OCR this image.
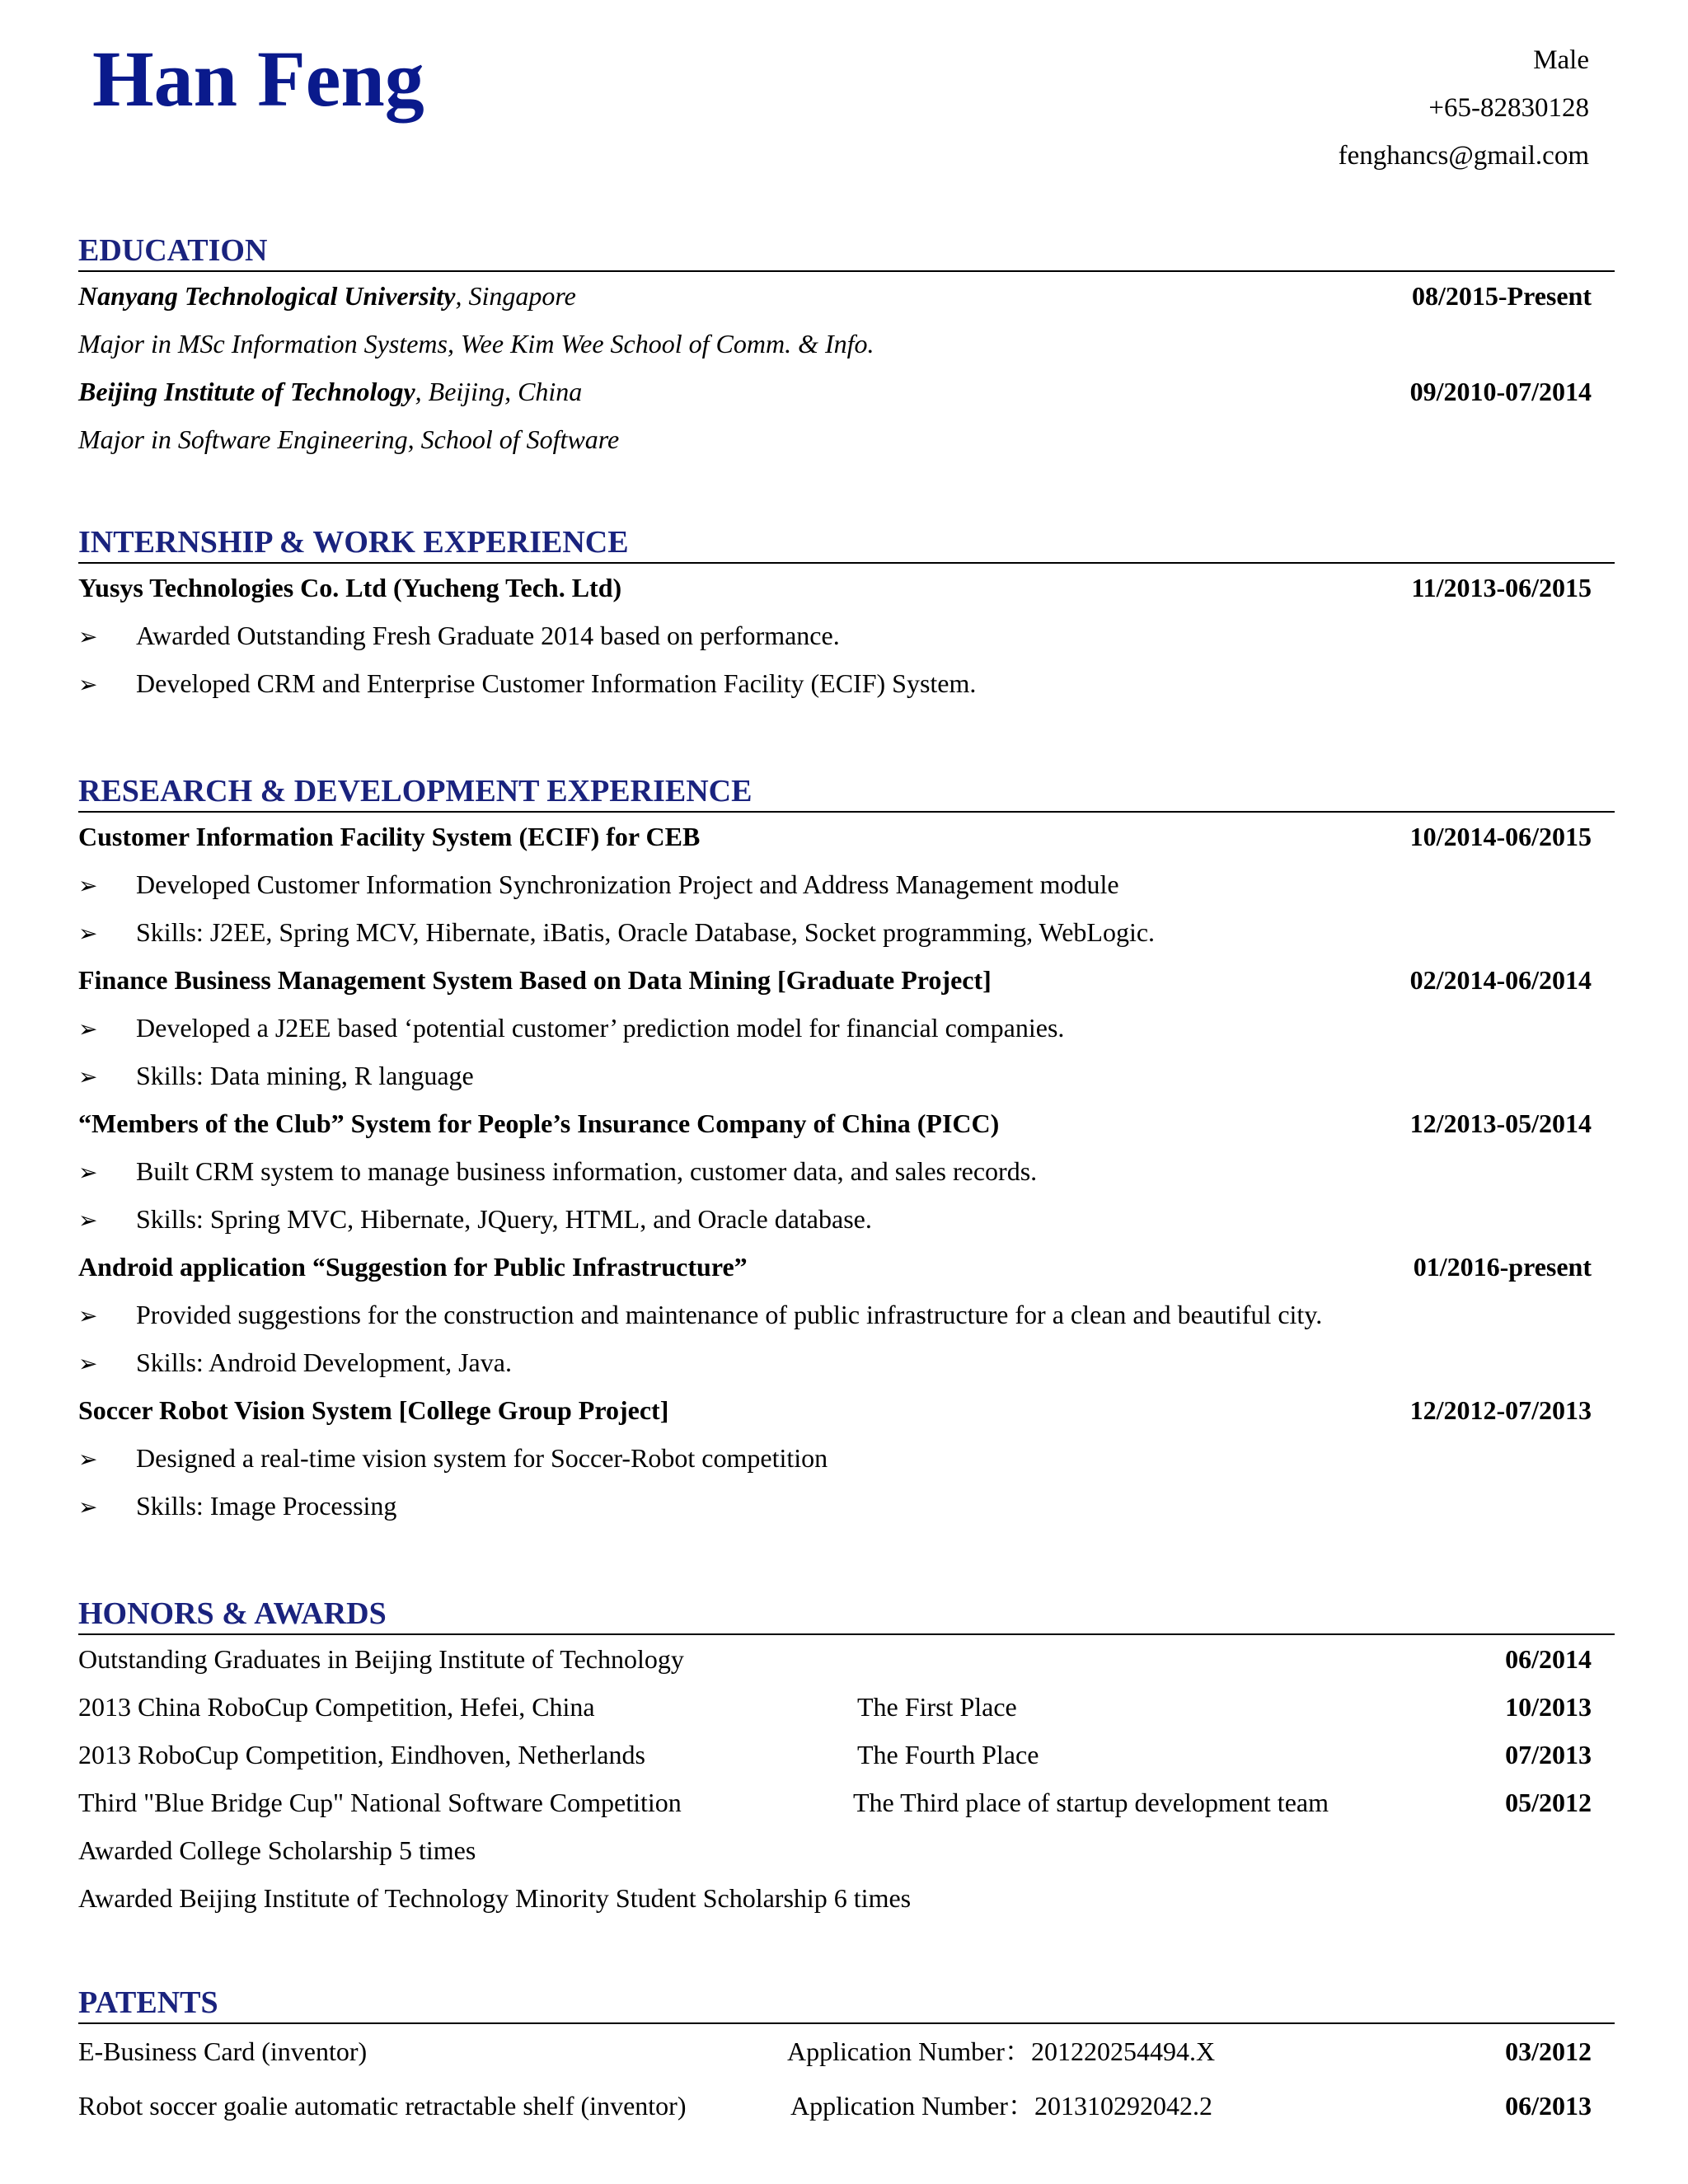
Han Feng	Male
+65-82830128
fenghancs@gmail.com
EDUCATION
Nanyang Technological University, Singapore	08/2015-Present
Major in MSc Information Systems, Wee Kim Wee School of Comm. & Info.
Beijing Institute of Technology, Beijing, China	09/2010-07/2014
Major in Software Engineering, School of Software
INTERNSHIP & WORK EXPERIENCE
Yusys Technologies Co. Ltd (Yucheng Tech. Ltd)	11/2013-06/2015
➢ Awarded Outstanding Fresh Graduate 2014 based on performance.
➢ Developed CRM and Enterprise Customer Information Facility (ECIF) System.
RESEARCH & DEVELOPMENT EXPERIENCE
Customer Information Facility System (ECIF) for CEB	10/2014-06/2015
➢ Developed Customer Information Synchronization Project and Address Management module
➢ Skills: J2EE, Spring MCV, Hibernate, iBatis, Oracle Database, Socket programming, WebLogic.
Finance Business Management System Based on Data Mining [Graduate Project]	02/2014-06/2014
➢ Developed a J2EE based ‘potential customer’ prediction model for financial companies.
➢ Skills: Data mining, R language
“Members of the Club” System for People’s Insurance Company of China (PICC)	12/2013-05/2014
➢ Built CRM system to manage business information, customer data, and sales records.
➢ Skills: Spring MVC, Hibernate, JQuery, HTML, and Oracle database.
Android application “Suggestion for Public Infrastructure”	01/2016-present
➢ Provided suggestions for the construction and maintenance of public infrastructure for a clean and beautiful city.
➢ Skills: Android Development, Java.
Soccer Robot Vision System [College Group Project]	12/2012-07/2013
➢ Designed a real-time vision system for Soccer-Robot competition
➢ Skills: Image Processing
HONORS & AWARDS
Outstanding Graduates in Beijing Institute of Technology	06/2014
2013 China RoboCup Competition, Hefei, China	The First Place	10/2013
2013 RoboCup Competition, Eindhoven, Netherlands	The Fourth Place	07/2013
Third "Blue Bridge Cup" National Software Competition	The Third place of startup development team	05/2012
Awarded College Scholarship 5 times
Awarded Beijing Institute of Technology Minority Student Scholarship 6 times
PATENTS
E-Business Card (inventor)	Application Number：201220254494.X	03/2012
Robot soccer goalie automatic retractable shelf (inventor)	Application Number：201310292042.2	06/2013
